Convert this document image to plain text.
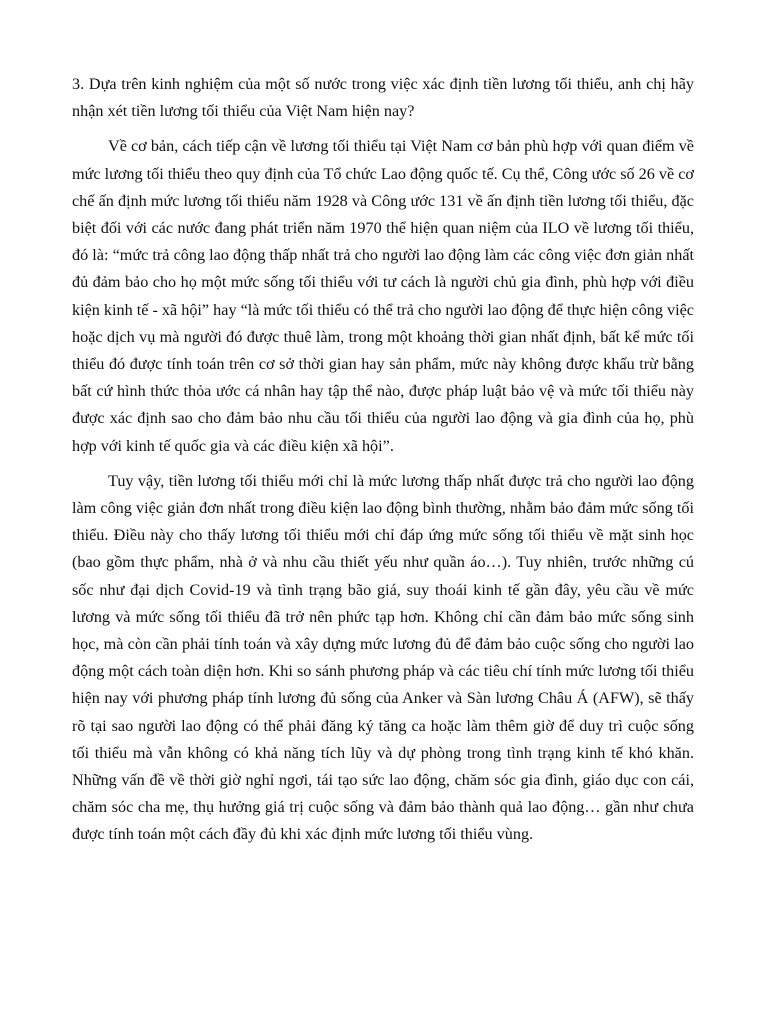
3. Dựa trên kinh nghiệm của một số nước trong việc xác định tiền lương tối thiểu, anh chị hãy nhận xét tiền lương tối thiểu của Việt Nam hiện nay?

Về cơ bản, cách tiếp cận về lương tối thiểu tại Việt Nam cơ bản phù hợp với quan điểm về mức lương tối thiểu theo quy định của Tổ chức Lao động quốc tế. Cụ thể, Công ước số 26 về cơ chế ấn định mức lương tối thiểu năm 1928 và Công ước 131 về ấn định tiền lương tối thiểu, đặc biệt đối với các nước đang phát triển năm 1970 thể hiện quan niệm của ILO về lương tối thiểu, đó là: “mức trả công lao động thấp nhất trả cho người lao động làm các công việc đơn giản nhất đủ đảm bảo cho họ một mức sống tối thiểu với tư cách là người chủ gia đình, phù hợp với điều kiện kinh tế - xã hội” hay “là mức tối thiểu có thể trả cho người lao động để thực hiện công việc hoặc dịch vụ mà người đó được thuê làm, trong một khoảng thời gian nhất định, bất kể mức tối thiểu đó được tính toán trên cơ sở thời gian hay sản phẩm, mức này không được khấu trừ bằng bất cứ hình thức thỏa ước cá nhân hay tập thể nào, được pháp luật bảo vệ và mức tối thiểu này được xác định sao cho đảm bảo nhu cầu tối thiểu của người lao động và gia đình của họ, phù hợp với kinh tế quốc gia và các điều kiện xã hội”.

Tuy vậy, tiền lương tối thiểu mới chỉ là mức lương thấp nhất được trả cho người lao động làm công việc giản đơn nhất trong điều kiện lao động bình thường, nhằm bảo đảm mức sống tối thiểu. Điều này cho thấy lương tối thiểu mới chỉ đáp ứng mức sống tối thiểu về mặt sinh học (bao gồm thực phẩm, nhà ở và nhu cầu thiết yếu như quần áo…). Tuy nhiên, trước những cú sốc như đại dịch Covid-19 và tình trạng bão giá, suy thoái kinh tế gần đây, yêu cầu về mức lương và mức sống tối thiểu đã trở nên phức tạp hơn. Không chỉ cần đảm bảo mức sống sinh học, mà còn cần phải tính toán và xây dựng mức lương đủ để đảm bảo cuộc sống cho người lao động một cách toàn diện hơn. Khi so sánh phương pháp và các tiêu chí tính mức lương tối thiểu hiện nay với phương pháp tính lương đủ sống của Anker và Sàn lương Châu Á (AFW), sẽ thấy rõ tại sao người lao động có thể phải đăng ký tăng ca hoặc làm thêm giờ để duy trì cuộc sống tối thiểu mà vẫn không có khả năng tích lũy và dự phòng trong tình trạng kinh tế khó khăn. Những vấn đề về thời giờ nghỉ ngơi, tái tạo sức lao động, chăm sóc gia đình, giáo dục con cái, chăm sóc cha mẹ, thụ hưởng giá trị cuộc sống và đảm bảo thành quả lao động… gần như chưa được tính toán một cách đầy đủ khi xác định mức lương tối thiểu vùng.
